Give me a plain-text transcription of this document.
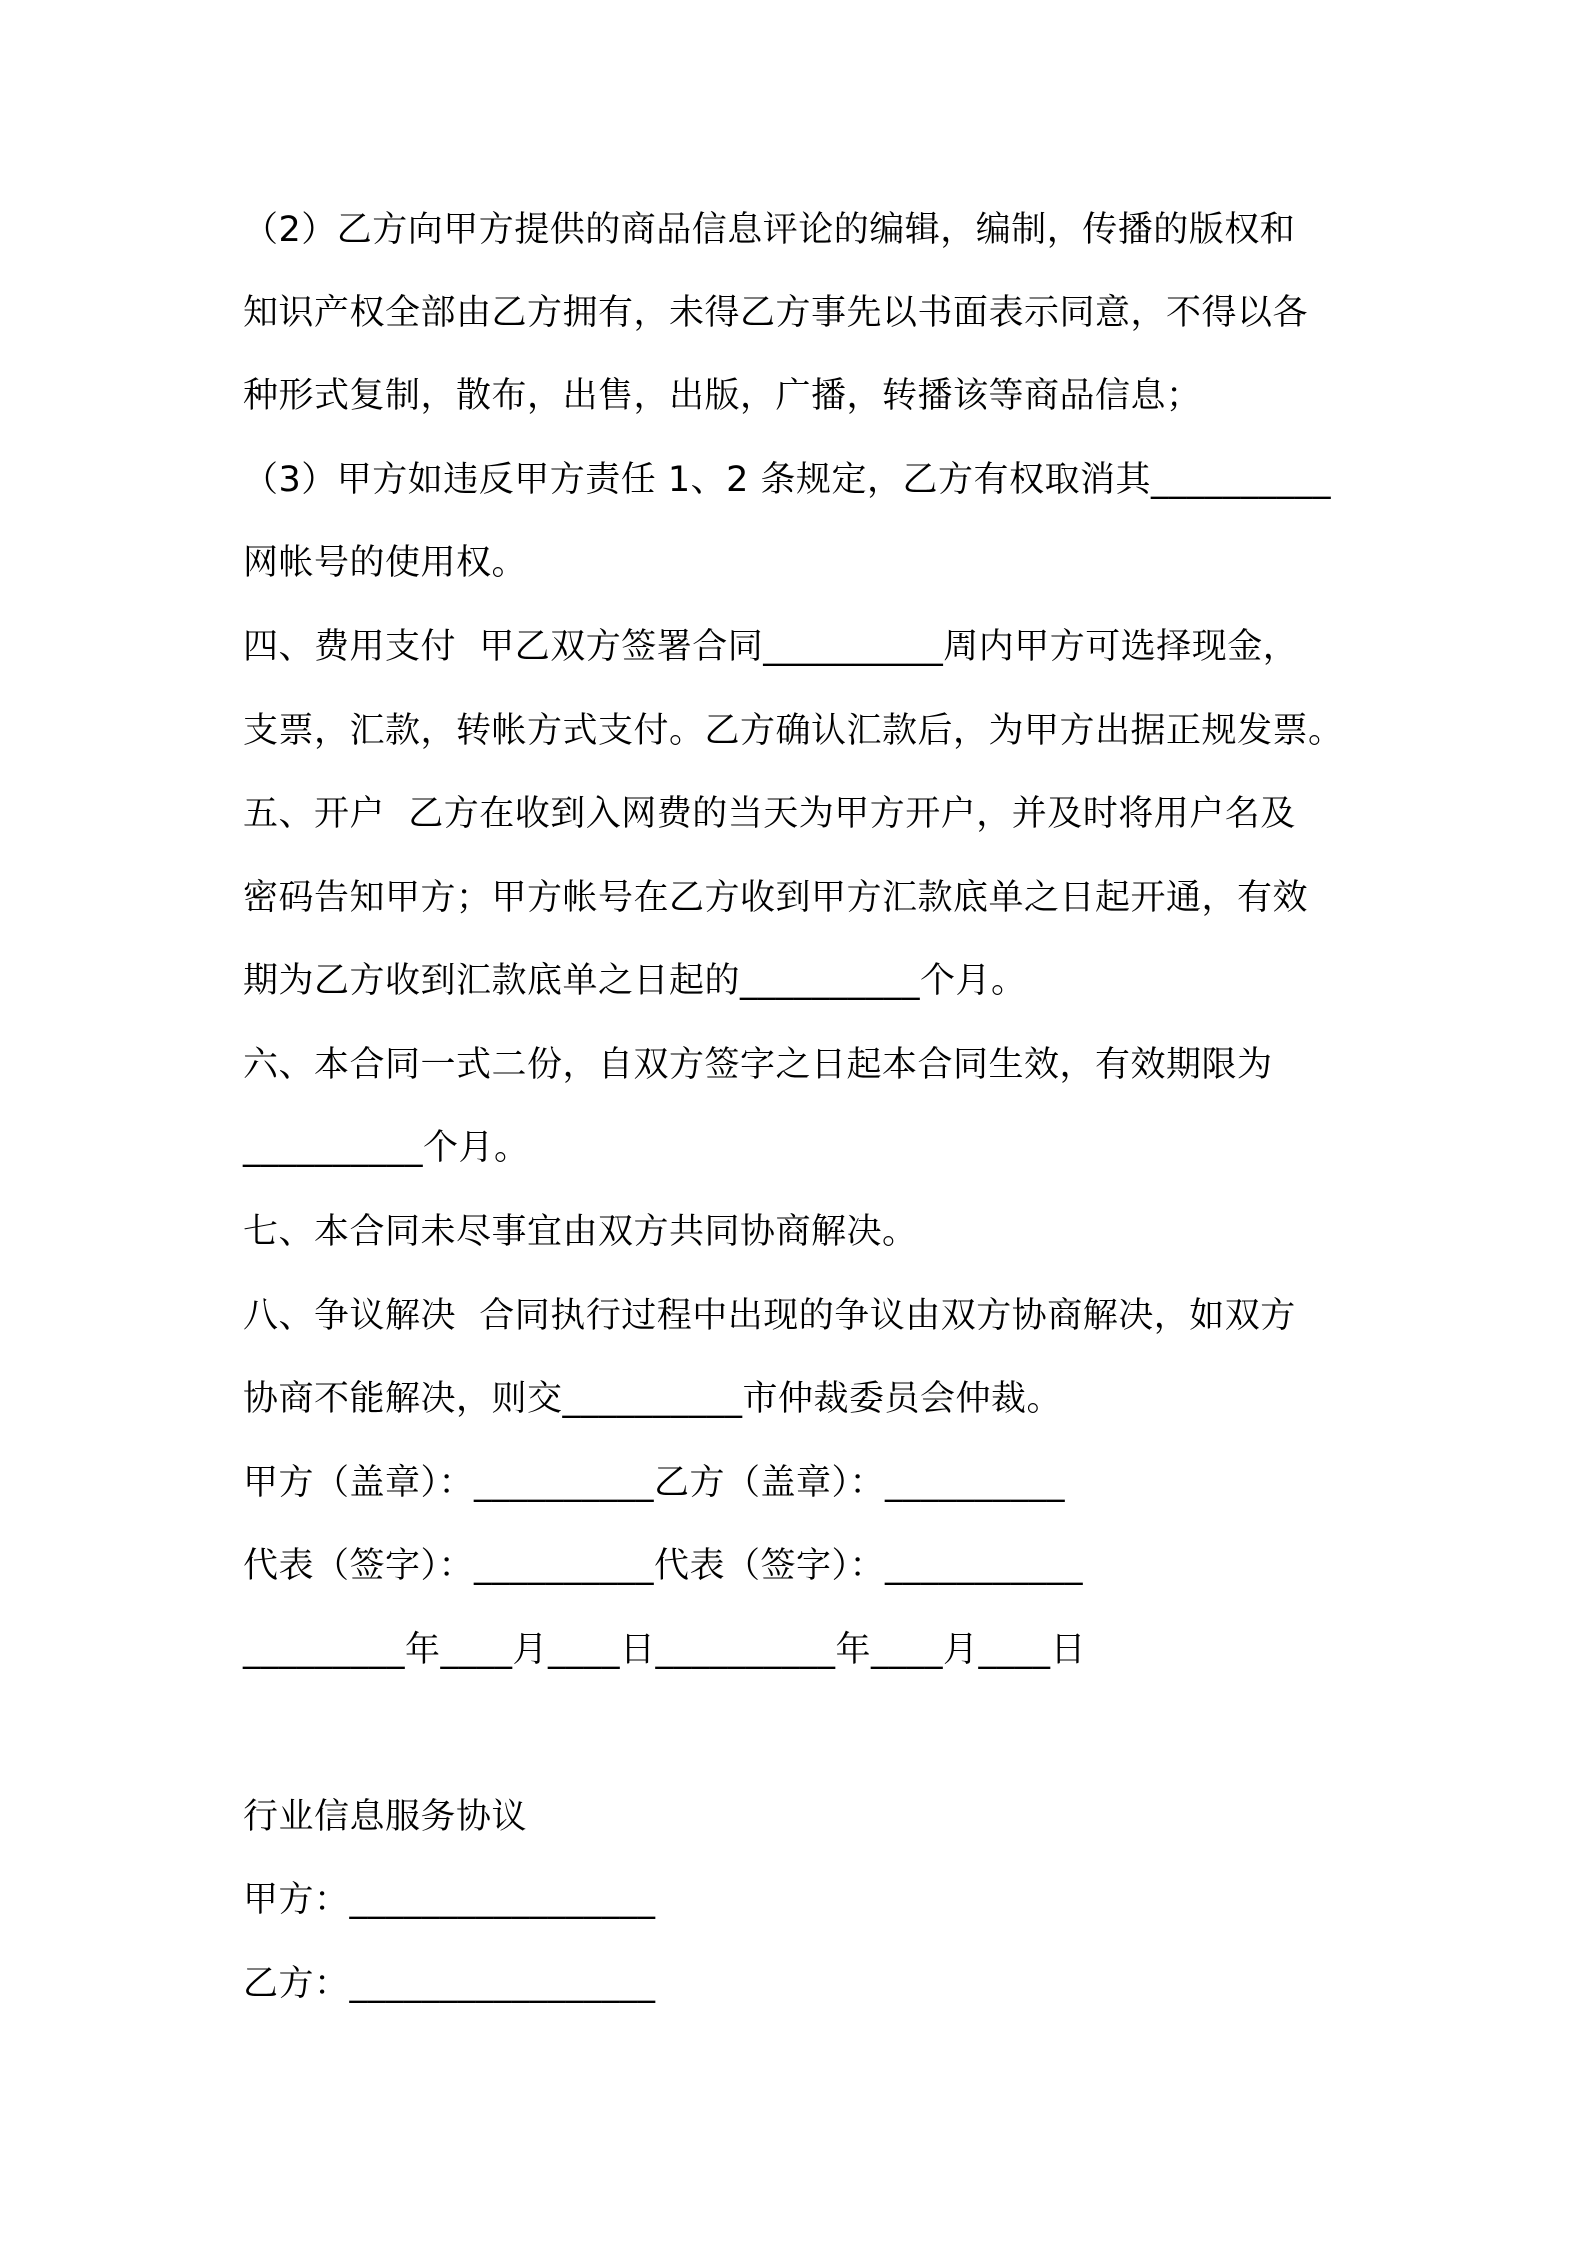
（2）乙方向甲方提供的商品信息评论的编辑，编制，传播的版权和
知识产权全部由乙方拥有，未得乙方事先以书面表示同意，不得以各
种形式复制，散布，出售，出版，广播，转播该等商品信息；
（3）甲方如违反甲方责任 1、2 条规定，乙方有权取消其__________
网帐号的使用权。
四、费用支付  甲乙双方签署合同__________周内甲方可选择现金，
支票，汇款，转帐方式支付。乙方确认汇款后，为甲方出据正规发票。
五、开户  乙方在收到入网费的当天为甲方开户，并及时将用户名及
密码告知甲方；甲方帐号在乙方收到甲方汇款底单之日起开通，有效
期为乙方收到汇款底单之日起的__________个月。
六、本合同一式二份，自双方签字之日起本合同生效，有效期限为
__________个月。
七、本合同未尽事宜由双方共同协商解决。
八、争议解决  合同执行过程中出现的争议由双方协商解决，如双方
协商不能解决，则交__________市仲裁委员会仲裁。
甲方（盖章）：__________乙方（盖章）：__________
代表（签字）：__________代表（签字）：___________
_________年____月____日__________年____月____日
行业信息服务协议
甲方：_________________
乙方：_________________
